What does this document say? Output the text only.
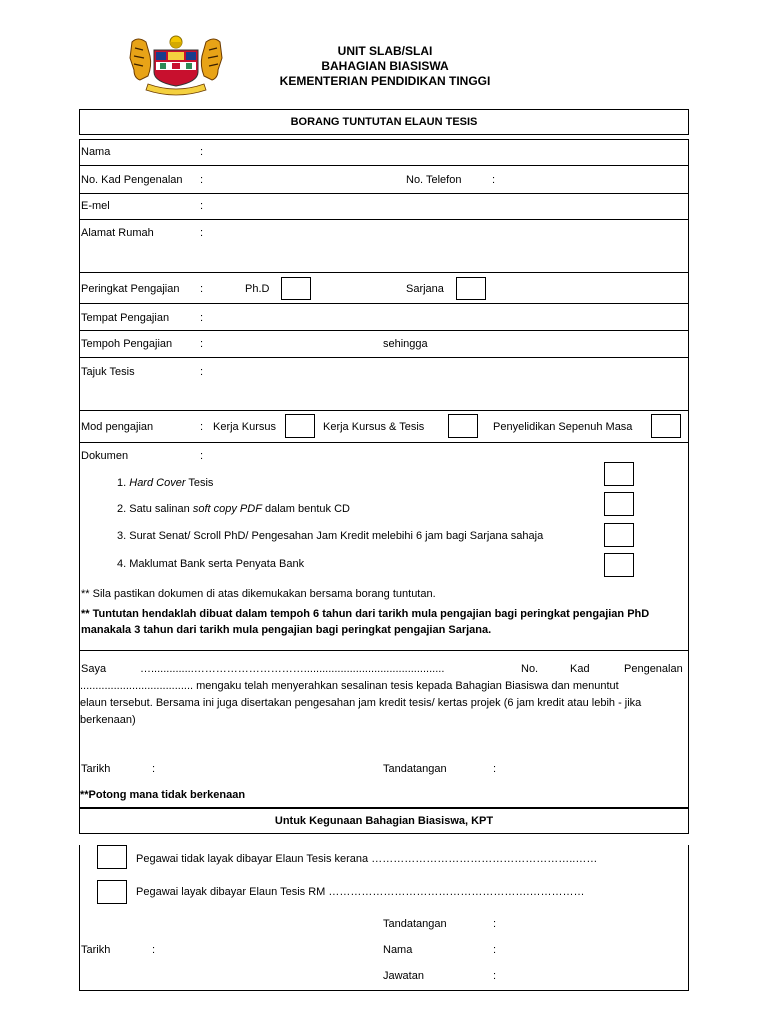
UNIT SLAB/SLAI
BAHAGIAN BIASISWA
KEMENTERIAN PENDIDIKAN TINGGI
BORANG TUNTUTAN ELAUN TESIS
Nama	:
No. Kad Pengenalan :	No. Telefon	:
E-mel	:
Alamat Rumah	:
Peringkat Pengajian :	Ph.D	Sarjana
Tempat Pengajian	:
Tempoh Pengajian	:	sehingga
Tajuk Tesis	:
Mod pengajian	: Kerja Kursus	Kerja Kursus & Tesis	Penyelidikan Sepenuh Masa
Dokumen	:
1. Hard Cover Tesis
2. Satu salinan soft copy PDF dalam bentuk CD
3. Surat Senat/ Scroll PhD/ Pengesahan Jam Kredit melebihi 6 jam bagi Sarjana sahaja
4. Maklumat Bank serta Penyata Bank
** Sila pastikan dokumen di atas dikemukakan bersama borang tuntutan.
** Tuntutan hendaklah dibuat dalam tempoh 6 tahun dari tarikh mula pengajian bagi peringkat pengajian PhD
manakala 3 tahun dari tarikh mula pengajian bagi peringkat pengajian Sarjana.
Saya	…..............…………………………..............................................	No.	Kad	Pengenalan
..................................... mengaku telah menyerahkan sesalinan tesis kepada Bahagian Biasiswa dan menuntut
elaun tersebut. Bersama ini juga disertakan pengesahan jam kredit tesis/ kertas projek (6 jam kredit atau lebih - jika
berkenaan)
Tarikh	:	Tandatangan	:
**Potong mana tidak berkenaan
Untuk Kegunaan Bahagian Biasiswa, KPT
Pegawai tidak layak dibayar Elaun Tesis kerana ………………………………………………..……
Pegawai layak dibayar Elaun Tesis RM ……………………………………………….……………
Tandatangan	:
Tarikh	:	Nama	:
Jawatan	:
